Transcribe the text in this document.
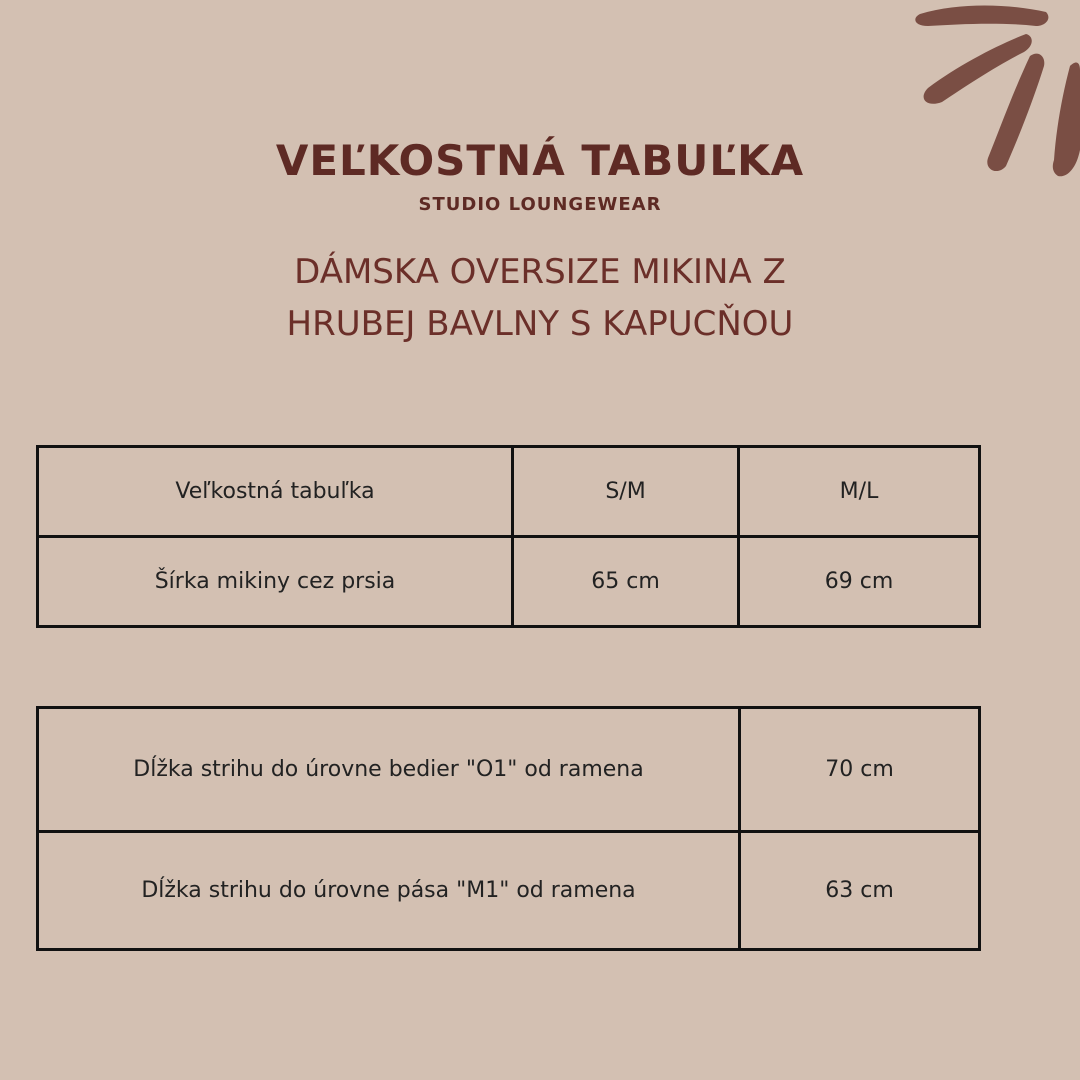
VEĽKOSTNÁ TABUĽKA
STUDIO LOUNGEWEAR
DÁMSKA OVERSIZE MIKINA Z
HRUBEJ BAVLNY S KAPUCŇOU
Veľkostná tabuľka	S/M	M/L
Šírka mikiny cez prsia	65 cm	69 cm
Dĺžka strihu do úrovne bedier "O1" od ramena	70 cm
Dĺžka strihu do úrovne pása "M1" od ramena	63 cm
